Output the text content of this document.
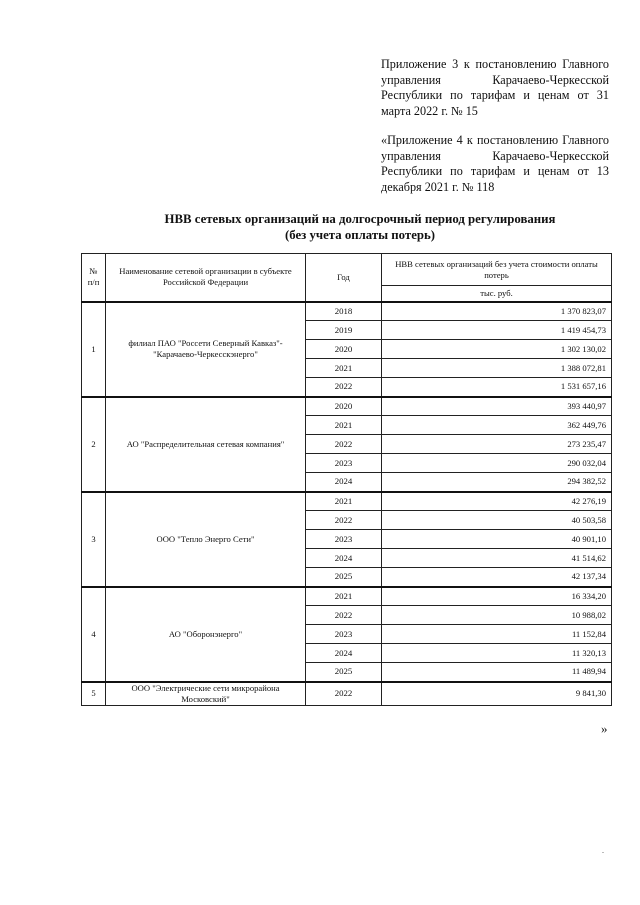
Приложение 3 к постановлению Главного управления Карачаево-Черкесской Республики по тарифам и ценам от 31 марта 2022 г. № 15
«Приложение 4 к постановлению Главного управления Карачаево-Черкесской Республики по тарифам и ценам от 13 декабря 2021 г. № 118
НВВ сетевых организаций на долгосрочный период регулирования
(без учета оплаты потерь)
№ п/п	Наименование сетевой организации в субъекте Российской Федерации	Год	НВВ сетевых организаций без учета стоимости оплаты потерь
			тыс. руб.
1	филиал ПАО "Россети Северный Кавказ"-"Карачаево-Черкесскэнерго"	2018	1 370 823,07
		2019	1 419 454,73
		2020	1 302 130,02
		2021	1 388 072,81
		2022	1 531 657,16
2	АО "Распределительная сетевая компания"	2020	393 440,97
		2021	362 449,76
		2022	273 235,47
		2023	290 032,04
		2024	294 382,52
3	ООО "Тепло Энерго Сети"	2021	42 276,19
		2022	40 503,58
		2023	40 901,10
		2024	41 514,62
		2025	42 137,34
4	АО "Оборонэнерго"	2021	16 334,20
		2022	10 988,02
		2023	11 152,84
		2024	11 320,13
		2025	11 489,94
5	ООО "Электрические сети микрорайона Московский"	2022	9 841,30
»
